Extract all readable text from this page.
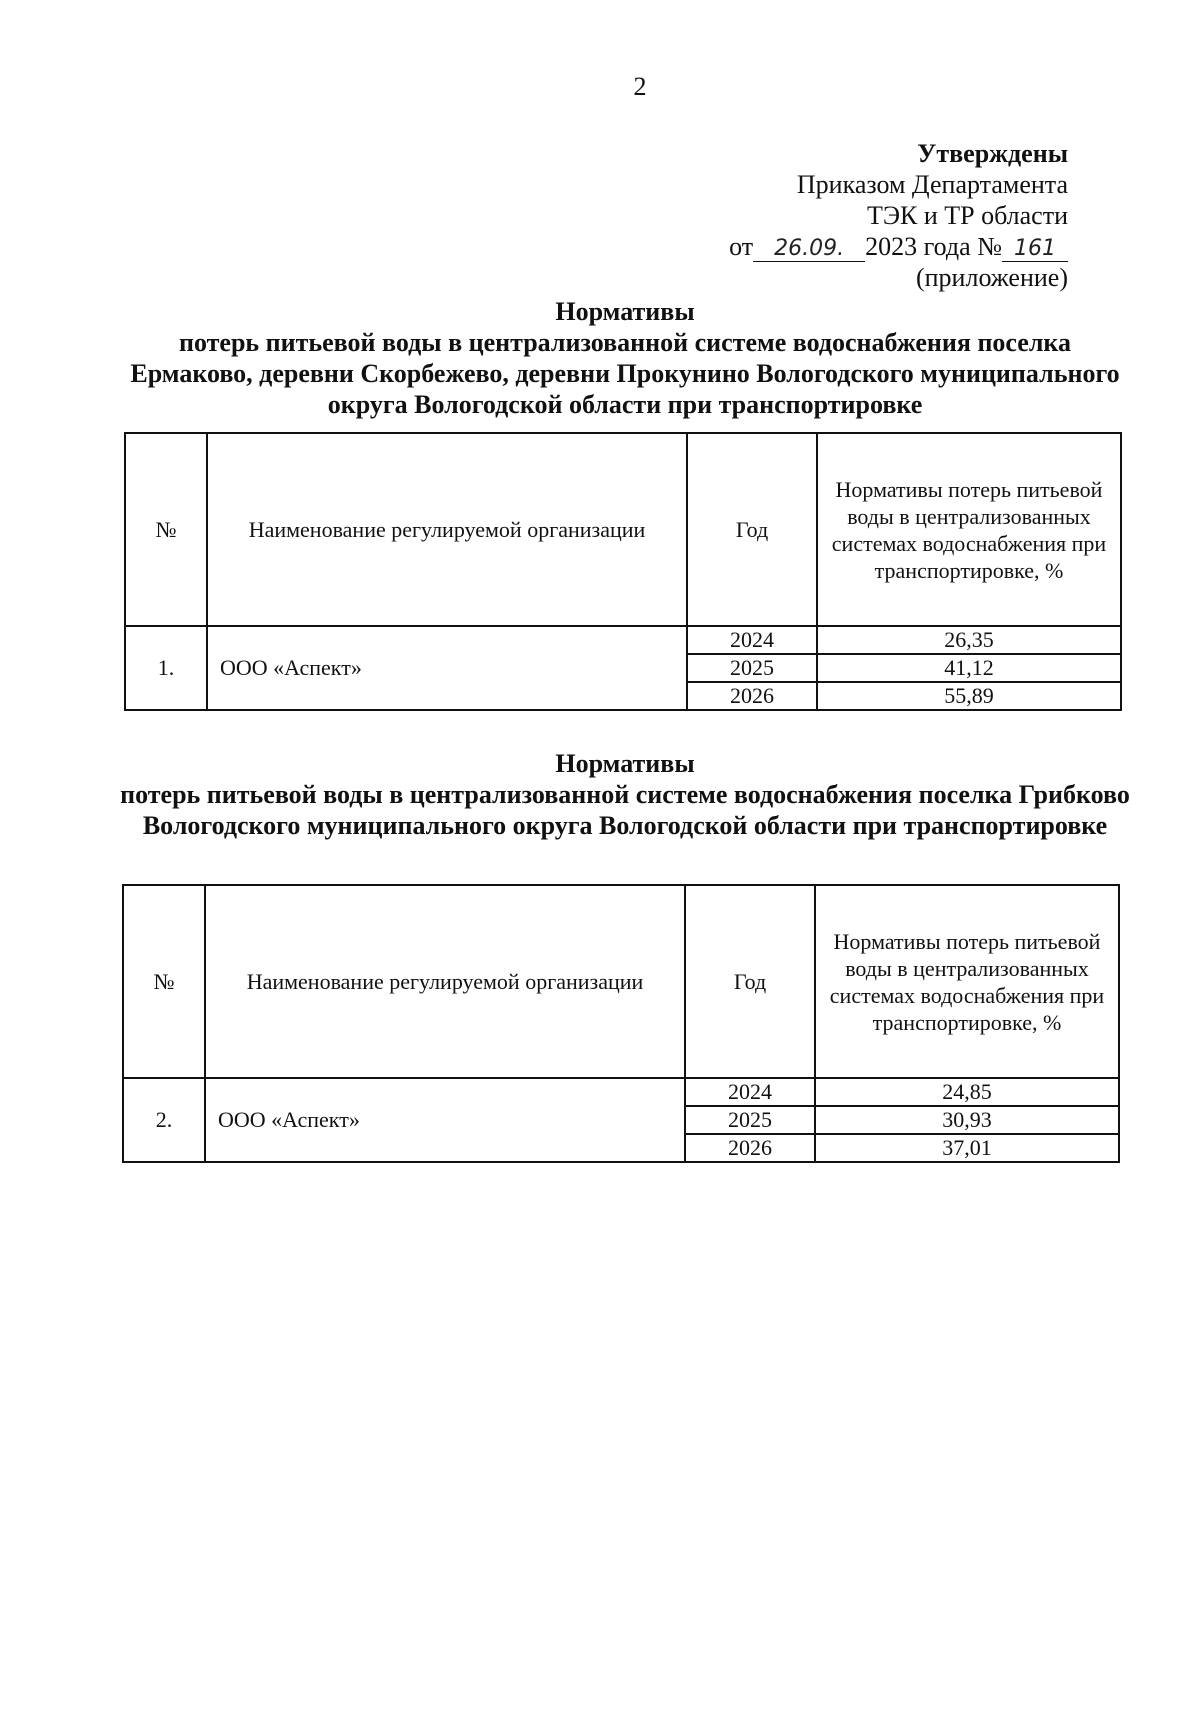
2
Утверждены
Приказом Департамента
ТЭК и ТР области
от 26.09. 2023 года № 161
(приложение)
Нормативы
потерь питьевой воды в централизованной системе водоснабжения поселка Ермаково, деревни Скорбежево, деревни Прокунино Вологодского муниципального округа Вологодской области при транспортировке
№	Наименование регулируемой организации	Год	Нормативы потерь питьевой воды в централизованных системах водоснабжения при транспортировке, %
1.	ООО «Аспект»	2024	26,35
		2025	41,12
		2026	55,89
Нормативы
потерь питьевой воды в централизованной системе водоснабжения поселка Грибково Вологодского муниципального округа Вологодской области при транспортировке
№	Наименование регулируемой организации	Год	Нормативы потерь питьевой воды в централизованных системах водоснабжения при транспортировке, %
2.	ООО «Аспект»	2024	24,85
		2025	30,93
		2026	37,01
